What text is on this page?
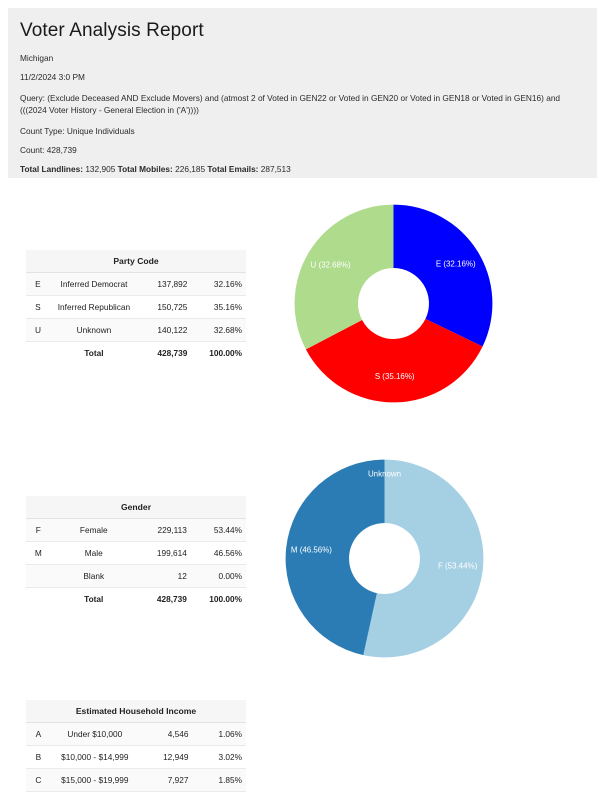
Voter Analysis Report

Michigan

11/2/2024 3:0 PM

Query: (Exclude Deceased AND Exclude Movers) and (atmost 2 of Voted in GEN22 or Voted in GEN20 or Voted in GEN18 or Voted in GEN16) and (((2024 Voter History - General Election in ('A'))))

Count Type: Unique Individuals

Count: 428,739

Total Landlines: 132,905 Total Mobiles: 226,185 Total Emails: 287,513

Party Code			
E	Inferred Democrat	137,892	32.16%
S	Inferred Republican	150,725	35.16%
U	Unknown	140,122	32.68%
	Total	428,739	100.00%
Gender			
F	Female	229,113	53.44%
M	Male	199,614	46.56%
	Blank	12	0.00%
	Total	428,739	100.00%
Estimated Household Income			
A	Under $10,000	4,546	1.06%
B	$10,000 - $14,999	12,949	3.02%
C	$15,000 - $19,999	7,927	1.85%
E (32.16%)
S (35.16%)
U (32.68%)
F (53.44%)
M (46.56%)
Unknown
